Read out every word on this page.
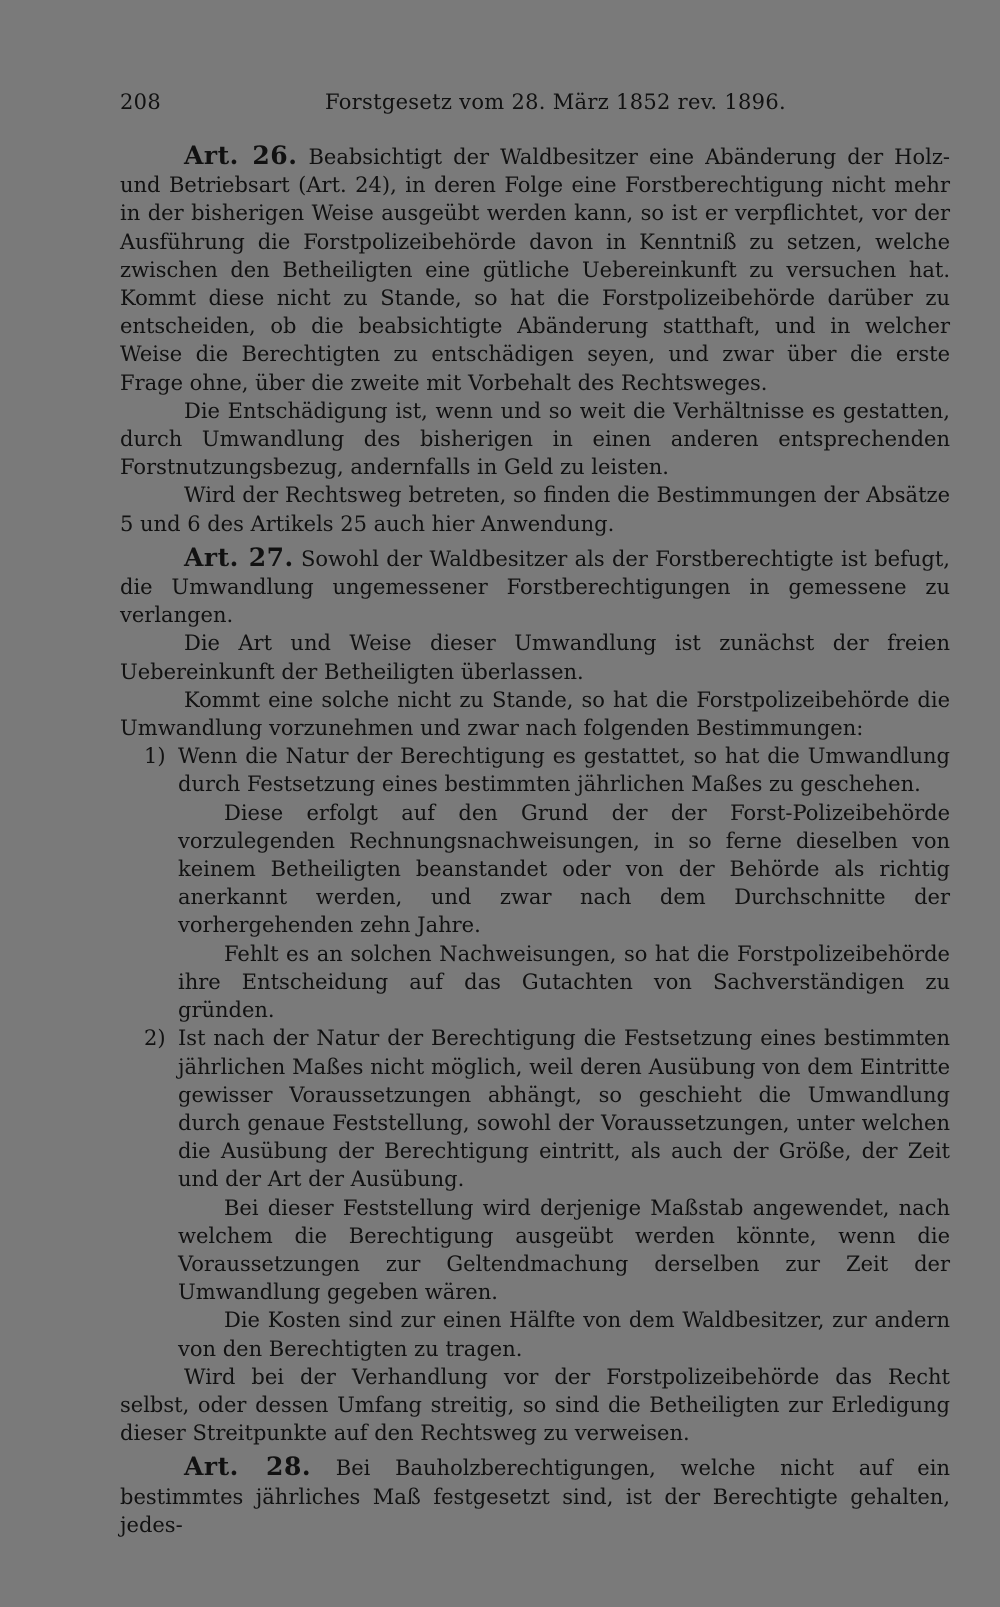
208	Forstgesetz vom 28. März 1852 rev. 1896.

Art. 26. Beabsichtigt der Waldbesitzer eine Abänderung der Holz- und Betriebsart (Art. 24), in deren Folge eine Forstberechtigung nicht mehr in der bisherigen Weise ausgeübt werden kann, so ist er verpflichtet, vor der Ausführung die Forstpolizeibehörde davon in Kenntniß zu setzen, welche zwischen den Betheiligten eine gütliche Uebereinkunft zu versuchen hat. Kommt diese nicht zu Stande, so hat die Forstpolizeibehörde darüber zu entscheiden, ob die beabsichtigte Abänderung statthaft, und in welcher Weise die Berechtigten zu entschädigen seyen, und zwar über die erste Frage ohne, über die zweite mit Vorbehalt des Rechtsweges.

Die Entschädigung ist, wenn und so weit die Verhältnisse es gestatten, durch Umwandlung des bisherigen in einen anderen entsprechenden Forstnutzungsbezug, andernfalls in Geld zu leisten.

Wird der Rechtsweg betreten, so finden die Bestimmungen der Absätze 5 und 6 des Artikels 25 auch hier Anwendung.

Art. 27. Sowohl der Waldbesitzer als der Forstberechtigte ist befugt, die Umwandlung ungemessener Forstberechtigungen in gemessene zu verlangen.

Die Art und Weise dieser Umwandlung ist zunächst der freien Uebereinkunft der Betheiligten überlassen.

Kommt eine solche nicht zu Stande, so hat die Forstpolizeibehörde die Umwandlung vorzunehmen und zwar nach folgenden Bestimmungen:

1) Wenn die Natur der Berechtigung es gestattet, so hat die Umwandlung durch Festsetzung eines bestimmten jährlichen Maßes zu geschehen.

Diese erfolgt auf den Grund der der Forst-Polizeibehörde vorzulegenden Rechnungsnachweisungen, in so ferne dieselben von keinem Betheiligten beanstandet oder von der Behörde als richtig anerkannt werden, und zwar nach dem Durchschnitte der vorhergehenden zehn Jahre.

Fehlt es an solchen Nachweisungen, so hat die Forstpolizeibehörde ihre Entscheidung auf das Gutachten von Sachverständigen zu gründen.

2) Ist nach der Natur der Berechtigung die Festsetzung eines bestimmten jährlichen Maßes nicht möglich, weil deren Ausübung von dem Eintritte gewisser Voraussetzungen abhängt, so geschieht die Umwandlung durch genaue Feststellung, sowohl der Voraussetzungen, unter welchen die Ausübung der Berechtigung eintritt, als auch der Größe, der Zeit und der Art der Ausübung.

Bei dieser Feststellung wird derjenige Maßstab angewendet, nach welchem die Berechtigung ausgeübt werden könnte, wenn die Voraussetzungen zur Geltendmachung derselben zur Zeit der Umwandlung gegeben wären.

Die Kosten sind zur einen Hälfte von dem Waldbesitzer, zur andern von den Berechtigten zu tragen.

Wird bei der Verhandlung vor der Forstpolizeibehörde das Recht selbst, oder dessen Umfang streitig, so sind die Betheiligten zur Erledigung dieser Streitpunkte auf den Rechtsweg zu verweisen.

Art. 28. Bei Bauholzberechtigungen, welche nicht auf ein bestimmtes jährliches Maß festgesetzt sind, ist der Berechtigte gehalten, jedes-
